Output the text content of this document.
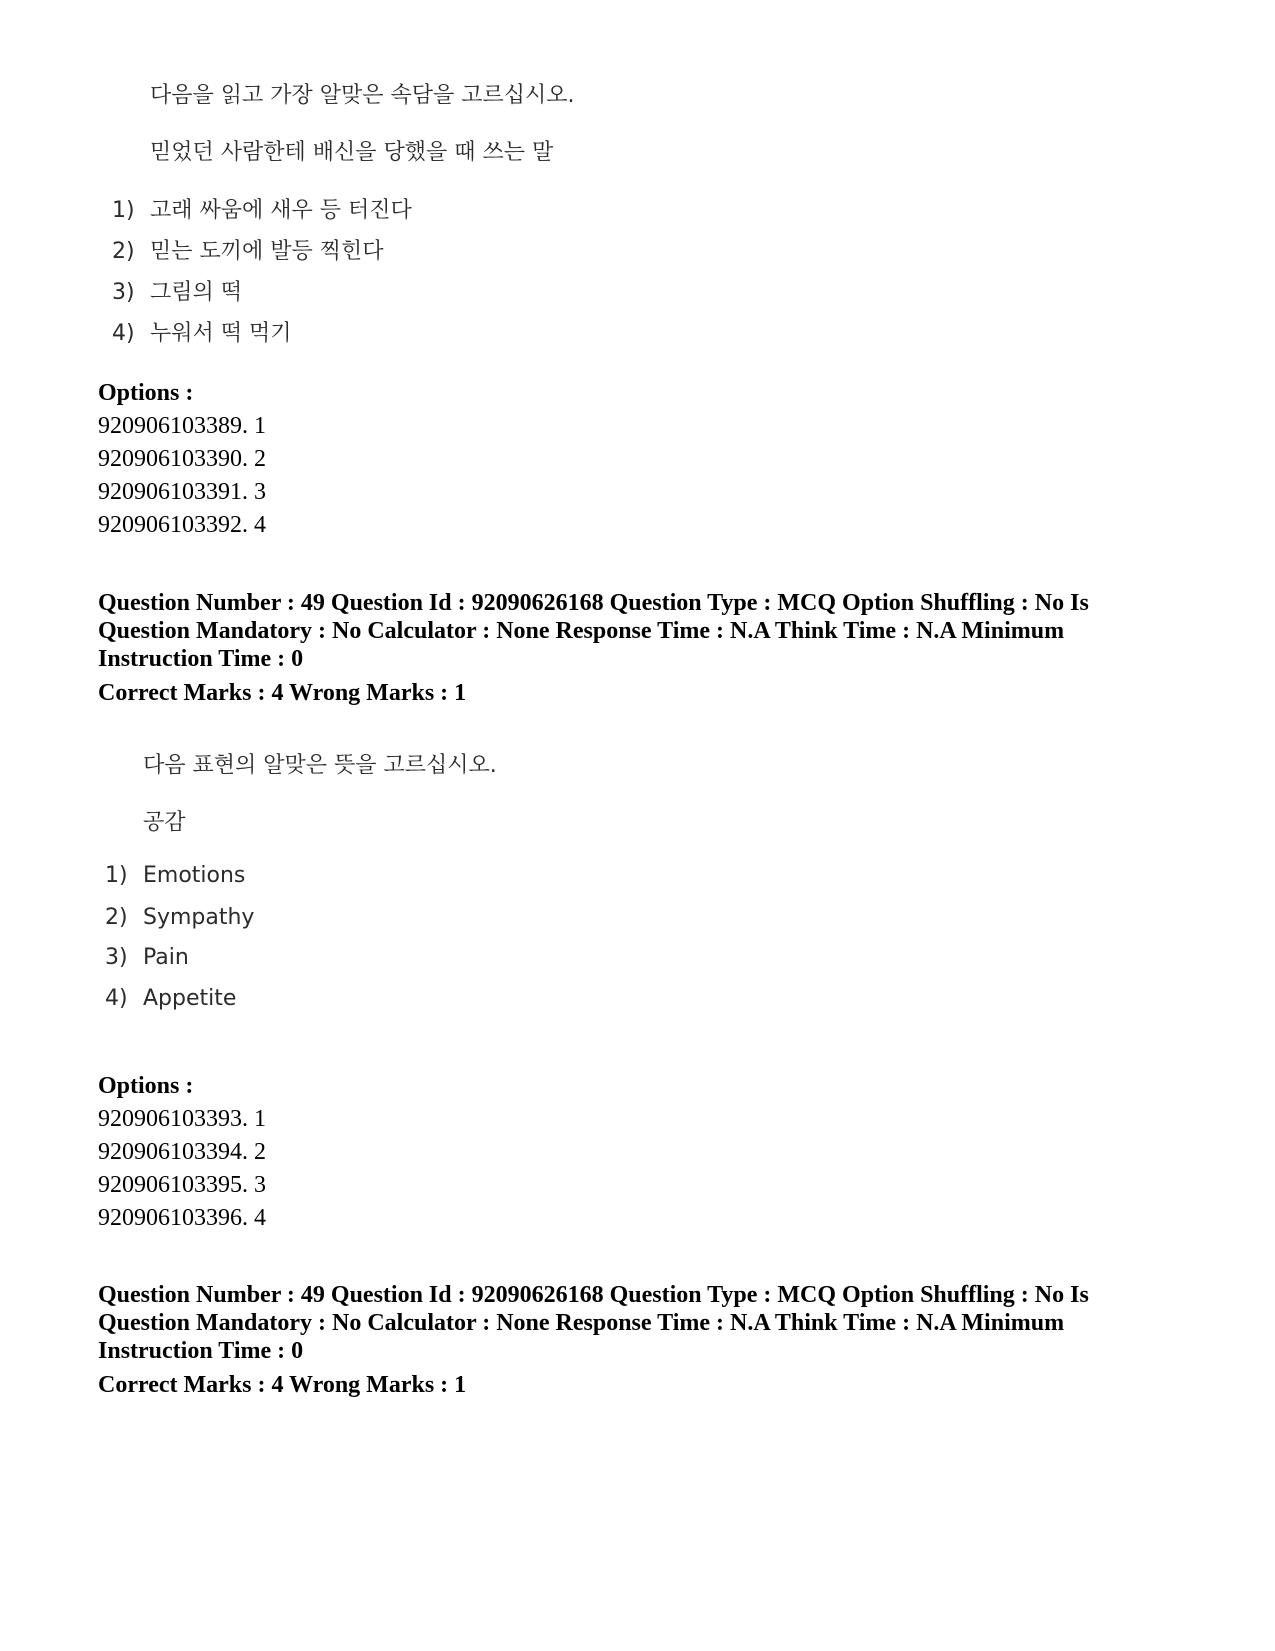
다음을 읽고 가장 알맞은 속담을 고르십시오.
믿었던 사람한테 배신을 당했을 때 쓰는 말
1) 고래 싸움에 새우 등 터진다
2) 믿는 도끼에 발등 찍힌다
3) 그림의 떡
4) 누워서 떡 먹기
Options :
920906103389. 1
920906103390. 2
920906103391. 3
920906103392. 4
Question Number : 49 Question Id : 92090626168 Question Type : MCQ Option Shuffling : No Is
Question Mandatory : No Calculator : None Response Time : N.A Think Time : N.A Minimum
Instruction Time : 0
Correct Marks : 4 Wrong Marks : 1
다음 표현의 알맞은 뜻을 고르십시오.
공감
1) Emotions
2) Sympathy
3) Pain
4) Appetite
Options :
920906103393. 1
920906103394. 2
920906103395. 3
920906103396. 4
Question Number : 49 Question Id : 92090626168 Question Type : MCQ Option Shuffling : No Is
Question Mandatory : No Calculator : None Response Time : N.A Think Time : N.A Minimum
Instruction Time : 0
Correct Marks : 4 Wrong Marks : 1
